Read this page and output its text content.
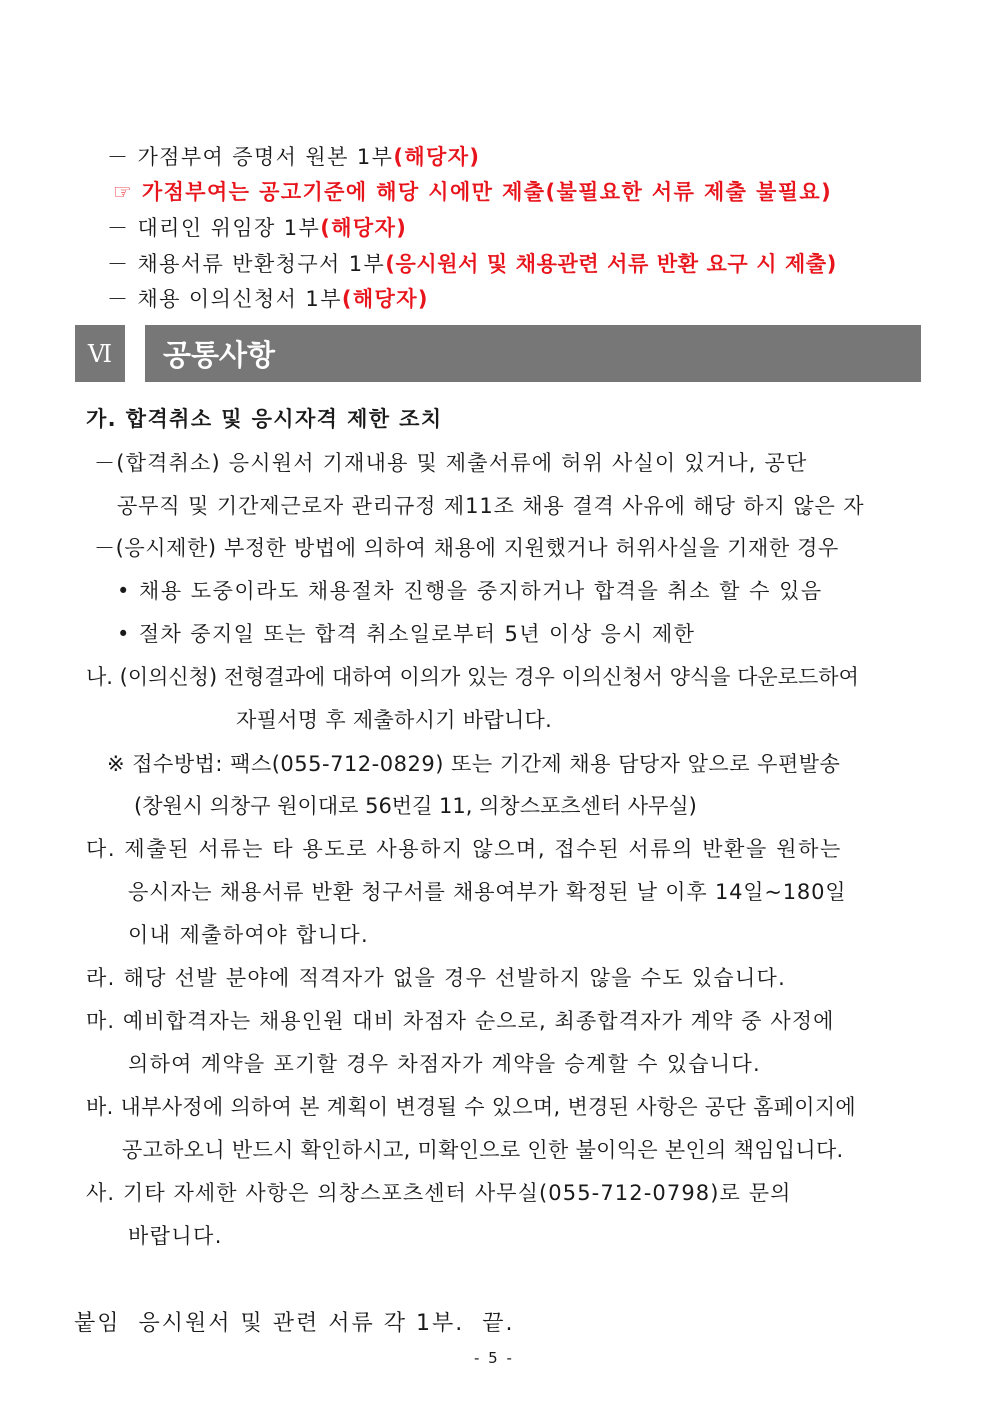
－ 가점부여 증명서 원본 1부(해당자)
☞ 가점부여는 공고기준에 해당 시에만 제출(불필요한 서류 제출 불필요)
－ 대리인 위임장 1부(해당자)
－ 채용서류 반환청구서 1부(응시원서 및 채용관련 서류 반환 요구 시 제출)
－ 채용 이의신청서 1부(해당자)
Ⅵ	공통사항
가. 합격취소 및 응시자격 제한 조치
－(합격취소) 응시원서 기재내용 및 제출서류에 허위 사실이 있거나, 공단
공무직 및 기간제근로자 관리규정 제11조 채용 결격 사유에 해당 하지 않은 자
－(응시제한) 부정한 방법에 의하여 채용에 지원했거나 허위사실을 기재한 경우
• 채용 도중이라도 채용절차 진행을 중지하거나 합격을 취소 할 수 있음
• 절차 중지일 또는 합격 취소일로부터 5년 이상 응시 제한
나. (이의신청) 전형결과에 대하여 이의가 있는 경우 이의신청서 양식을 다운로드하여
자필서명 후 제출하시기 바랍니다.
※ 접수방법: 팩스(055-712-0829) 또는 기간제 채용 담당자 앞으로 우편발송
(창원시 의창구 원이대로 56번길 11, 의창스포츠센터 사무실)
다. 제출된 서류는 타 용도로 사용하지 않으며, 접수된 서류의 반환을 원하는
응시자는 채용서류 반환 청구서를 채용여부가 확정된 날 이후 14일~180일
이내 제출하여야 합니다.
라. 해당 선발 분야에 적격자가 없을 경우 선발하지 않을 수도 있습니다.
마. 예비합격자는 채용인원 대비 차점자 순으로, 최종합격자가 계약 중 사정에
의하여 계약을 포기할 경우 차점자가 계약을 승계할 수 있습니다.
바. 내부사정에 의하여 본 계획이 변경될 수 있으며, 변경된 사항은 공단 홈페이지에
공고하오니 반드시 확인하시고, 미확인으로 인한 불이익은 본인의 책임입니다.
사. 기타 자세한 사항은 의창스포츠센터 사무실(055-712-0798)로 문의
바랍니다.
붙임  응시원서 및 관련 서류 각 1부.  끝.
- 5 -
